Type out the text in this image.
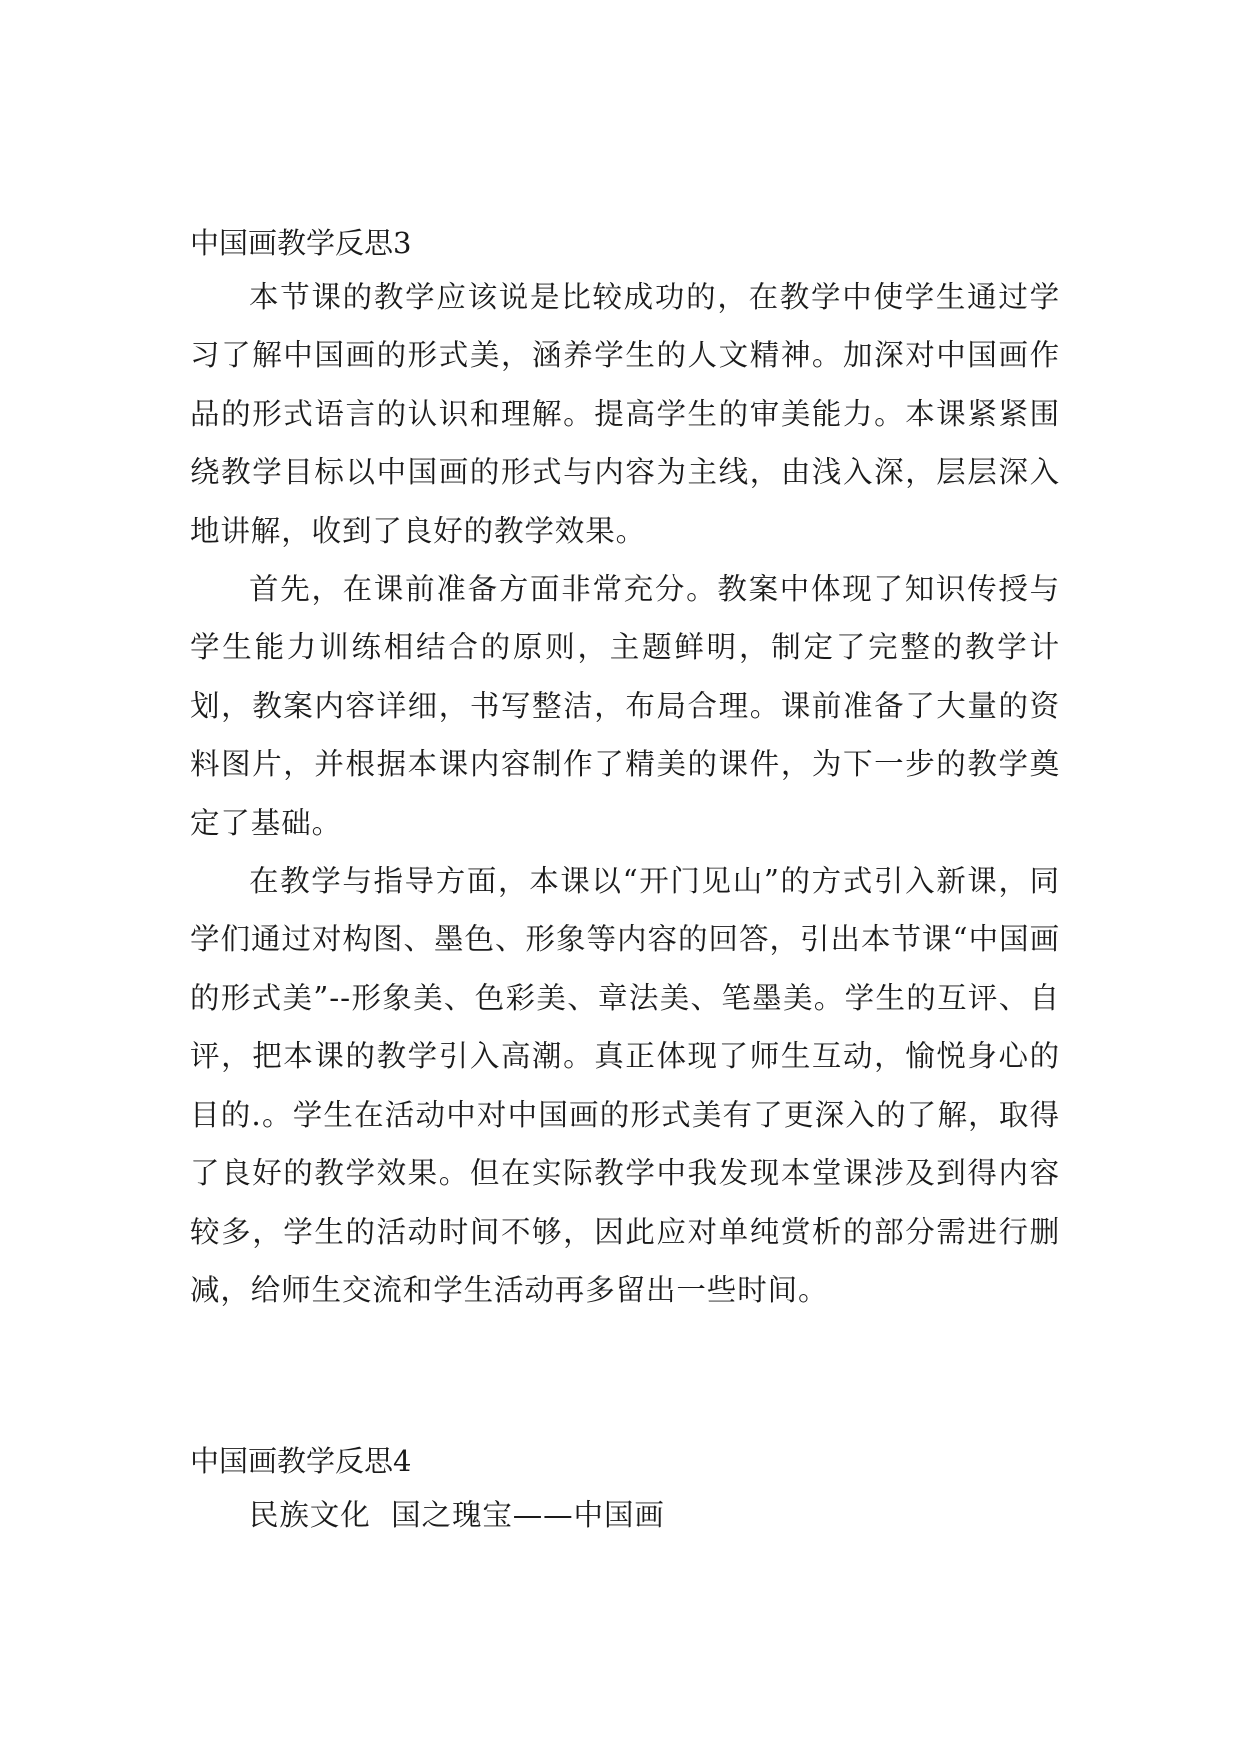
中国画教学反思3

本节课的教学应该说是比较成功的，在教学中使学生通过学习了解中国画的形式美，涵养学生的人文精神。加深对中国画作品的形式语言的认识和理解。提高学生的审美能力。本课紧紧围绕教学目标以中国画的形式与内容为主线，由浅入深，层层深入地讲解，收到了良好的教学效果。

首先，在课前准备方面非常充分。教案中体现了知识传授与学生能力训练相结合的原则，主题鲜明，制定了完整的教学计划，教案内容详细，书写整洁，布局合理。课前准备了大量的资料图片，并根据本课内容制作了精美的课件，为下一步的教学奠定了基础。

在教学与指导方面，本课以“开门见山”的方式引入新课，同学们通过对构图、墨色、形象等内容的回答，引出本节课“中国画的形式美”--形象美、色彩美、章法美、笔墨美。学生的互评、自评，把本课的教学引入高潮。真正体现了师生互动，愉悦身心的目的.。学生在活动中对中国画的形式美有了更深入的了解，取得了良好的教学效果。但在实际教学中我发现本堂课涉及到得内容较多，学生的活动时间不够，因此应对单纯赏析的部分需进行删减，给师生交流和学生活动再多留出一些时间。

中国画教学反思4

民族文化  国之瑰宝——中国画
